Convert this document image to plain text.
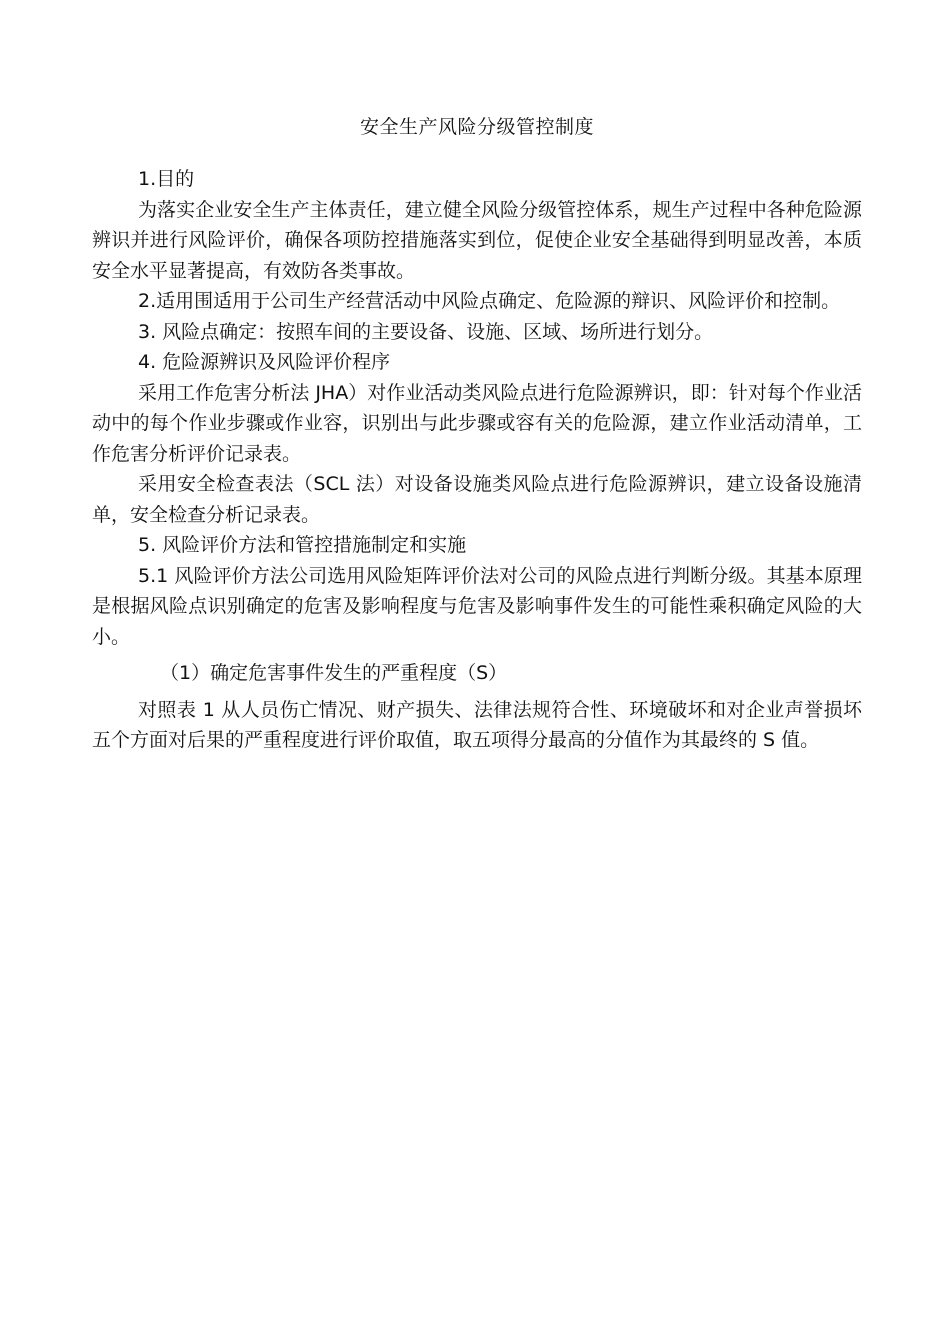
安全生产风险分级管控制度

1.目的

为落实企业安全生产主体责任，建立健全风险分级管控体系，规生产过程中各种危险源辨识并进行风险评价，确保各项防控措施落实到位，促使企业安全基础得到明显改善，本质安全水平显著提高，有效防各类事故。

2.适用围适用于公司生产经营活动中风险点确定、危险源的辩识、风险评价和控制。

3. 风险点确定：按照车间的主要设备、设施、区域、场所进行划分。

4. 危险源辨识及风险评价程序

采用工作危害分析法 JHA）对作业活动类风险点进行危险源辨识，即：针对每个作业活动中的每个作业步骤或作业容，识别出与此步骤或容有关的危险源，建立作业活动清单，工作危害分析评价记录表。

采用安全检查表法（SCL 法）对设备设施类风险点进行危险源辨识，建立设备设施清单，安全检查分析记录表。

5. 风险评价方法和管控措施制定和实施

5.1 风险评价方法公司选用风险矩阵评价法对公司的风险点进行判断分级。其基本原理是根据风险点识别确定的危害及影响程度与危害及影响事件发生的可能性乘积确定风险的大小。

（1）确定危害事件发生的严重程度（S）

对照表 1 从人员伤亡情况、财产损失、法律法规符合性、环境破坏和对企业声誉损坏五个方面对后果的严重程度进行评价取值，取五项得分最高的分值作为其最终的 S 值。
